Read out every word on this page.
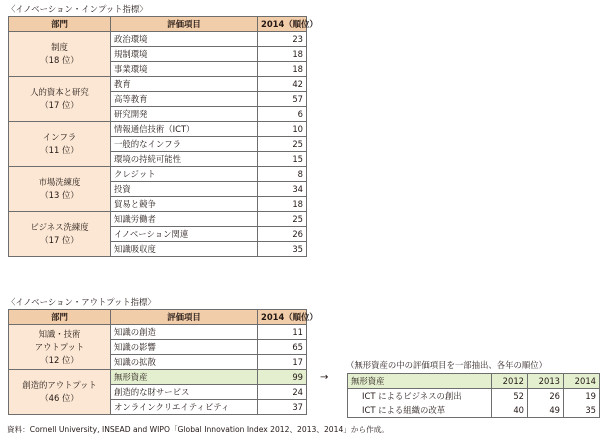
〈イノベーション・インプット指標〉
部門	評価項目	2014（順位）

制度
（18 位）	政治環境	23
	規制環境	18
	事業環境	18

人的資本と研究
（17 位）	教育	42
	高等教育	57
	研究開発	6

インフラ
（11 位）	情報通信技術（ICT）	10
	一般的なインフラ	25
	環境の持続可能性	15

市場洗練度
（13 位）	クレジット	8
	投資	34
	貿易と競争	18

ビジネス洗練度
（17 位）	知識労働者	25
	イノベーション関連	26
	知識吸収度	35
〈イノベーション・アウトプット指標〉
部門	評価項目	2014（順位）

知識・技術
アウトプット
（12 位）	知識の創造	11
	知識の影響	65
	知識の拡散	17

創造的アウトプット
（46 位）	無形資産	99
	創造的な財サービス	24
	オンラインクリエイティビティ	37
→
（無形資産の中の評価項目を一部抽出、各年の順位）
無形資産	2012	2013	2014
ICT によるビジネスの創出	52	26	19
ICT による組織の改革	40	49	35
資料：Cornell University, INSEAD and WIPO「Global Innovation Index 2012、2013、2014」から作成。
